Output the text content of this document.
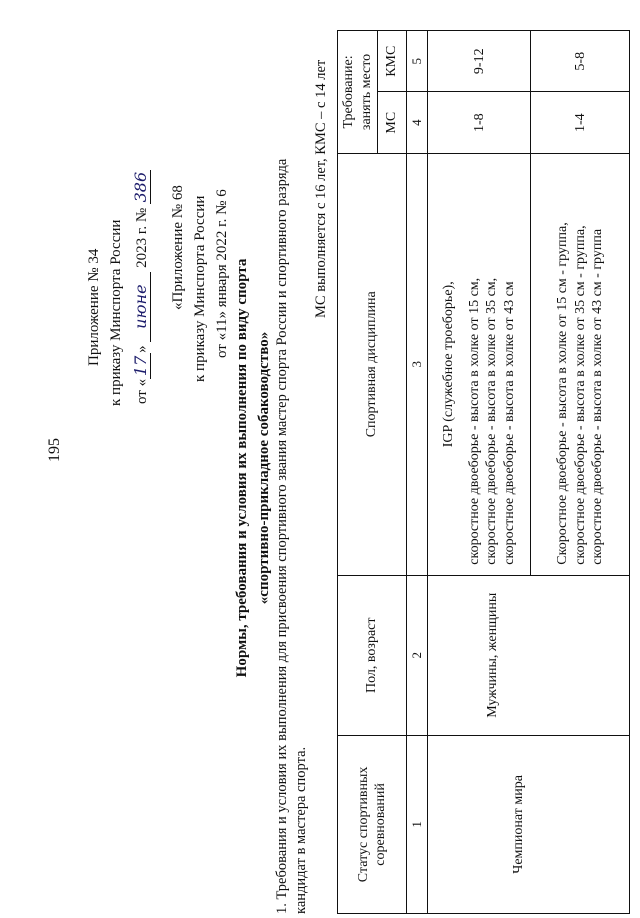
195
Приложение № 34 к приказу Минспорта России от «17» июне 2023 г. № 386 «Приложение № 68 к приказу Минспорта России от «11» января 2022 г. № 6 Нормы, требования и условия их выполнения по виду спорта «спортивно-прикладное собаководство» 1. Требования и условия их выполнения для присвоения спортивного звания мастер спорта России и спортивного разряда кандидат в мастера спорта.
МС выполняется с 16 лет, КМС – с 14 лет
Статус спортивных соревнований	Пол, возраст	Спортивная дисциплина	Требование: занять место	
			МС	КМС
1	2	3	4	5

Чемпионат мира	Мужчины, женщины	IGP (служебное троеборье), скоростное двоеборье - высота в холке от 15 см, скоростное двоеборье - высота в холке от 35 см, скоростное двоеборье - высота в холке от 43 см	1-8	9-12

		Скоростное двоеборье - высота в холке от 15 см - группа, скоростное двоеборье - высота в холке от 35 см - группа, скоростное двоеборье - высота в холке от 43 см - группа	1-4	5-8
